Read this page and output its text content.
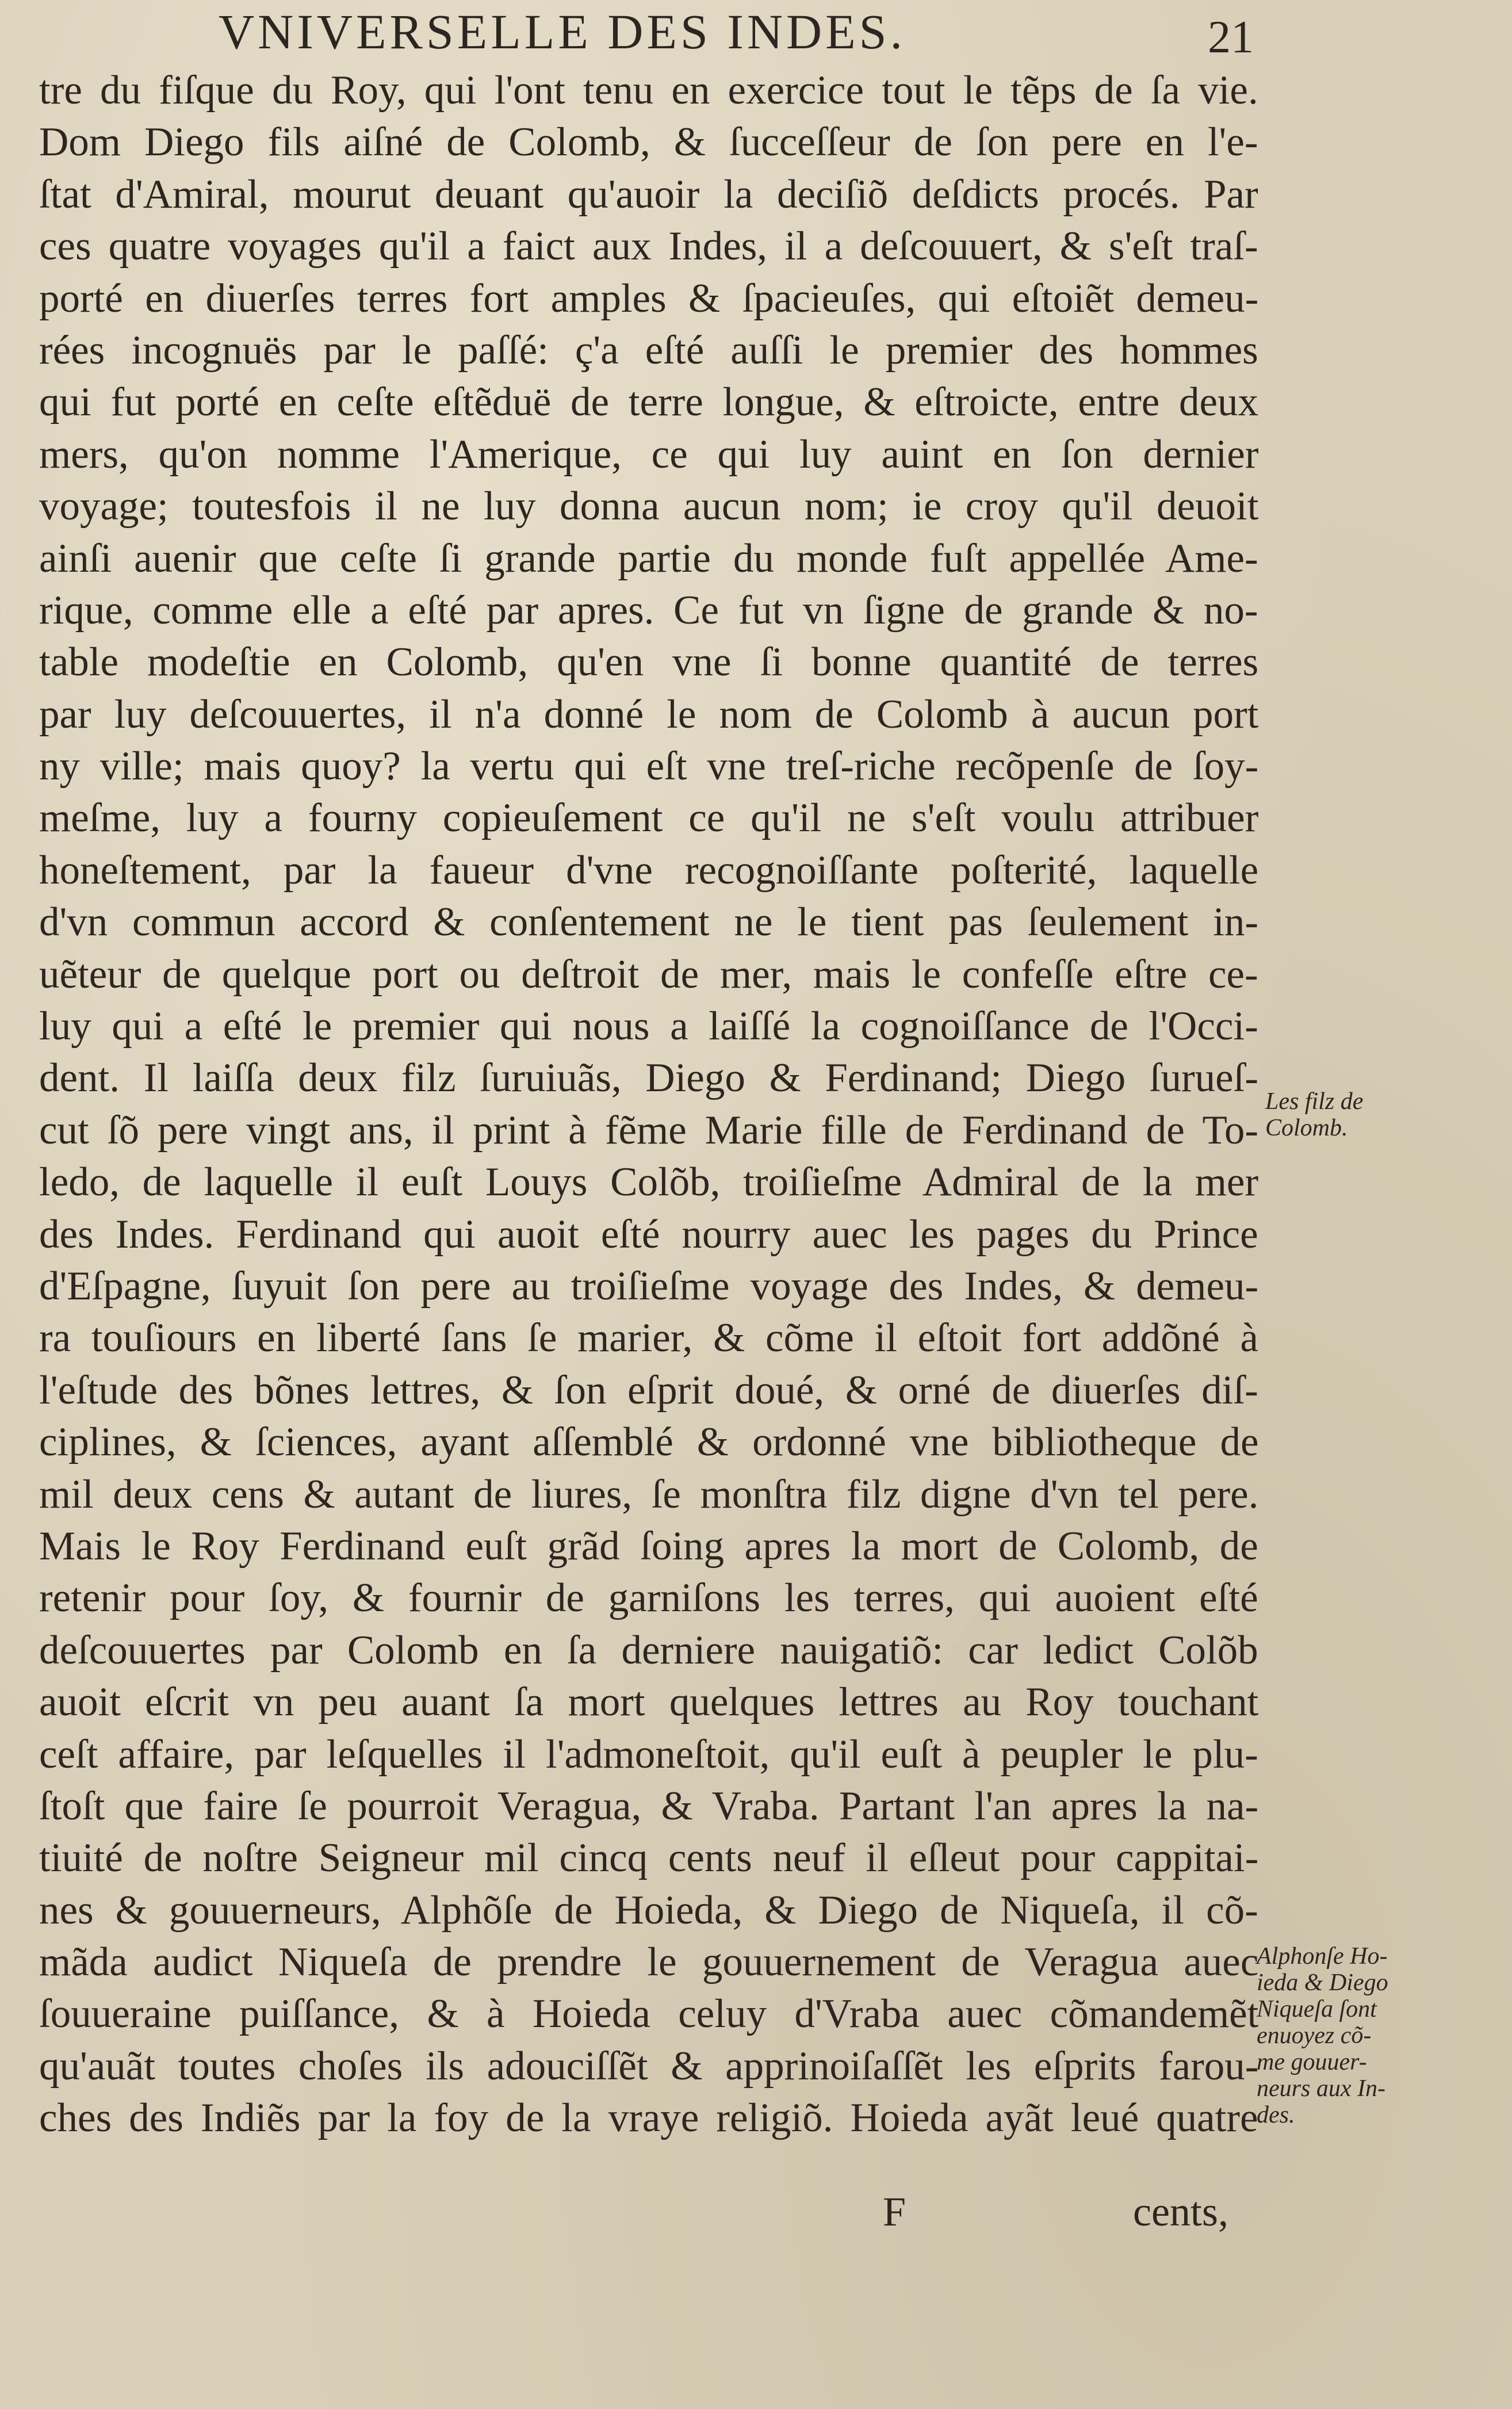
VNIVERSELLE DES INDES.	21
tre du fiſque du Roy, qui l'ont tenu en exercice tout le tẽps de ſa vie.
Dom Diego fils aiſné de Colomb, & ſucceſſeur de ſon pere en l'e-
ſtat d'Amiral, mourut deuant qu'auoir la deciſiõ deſdicts procés. Par
ces quatre voyages qu'il a faict aux Indes, il a deſcouuert, & s'eſt traſ-
porté en diuerſes terres fort amples & ſpacieuſes, qui eſtoiẽt demeu-
rées incognuës par le paſſé: ç'a eſté auſſi le premier des hommes
qui fut porté en ceſte eſtẽduë de terre longue, & eſtroicte, entre deux
mers, qu'on nomme l'Amerique, ce qui luy auint en ſon dernier
voyage; toutesfois il ne luy donna aucun nom; ie croy qu'il deuoit
ainſi auenir que ceſte ſi grande partie du monde fuſt appellée Ame-
rique, comme elle a eſté par apres. Ce fut vn ſigne de grande & no-
table modeſtie en Colomb, qu'en vne ſi bonne quantité de terres
par luy deſcouuertes, il n'a donné le nom de Colomb à aucun port
ny ville; mais quoy? la vertu qui eſt vne treſ-riche recõpenſe de ſoy-
meſme, luy a fourny copieuſement ce qu'il ne s'eſt voulu attribuer
honeſtement, par la faueur d'vne recognoiſſante poſterité, laquelle
d'vn commun accord & conſentement ne le tient pas ſeulement in-
uẽteur de quelque port ou deſtroit de mer, mais le confeſſe eſtre ce-
luy qui a eſté le premier qui nous a laiſſé la cognoiſſance de l'Occi-
dent. Il laiſſa deux filz ſuruiuãs, Diego & Ferdinand; Diego ſurueſ-
cut ſõ pere vingt ans, il print à fẽme Marie fille de Ferdinand de To-
ledo, de laquelle il euſt Louys Colõb, troiſieſme Admiral de la mer
des Indes. Ferdinand qui auoit eſté nourry auec les pages du Prince
d'Eſpagne, ſuyuit ſon pere au troiſieſme voyage des Indes, & demeu-
ra touſiours en liberté ſans ſe marier, & cõme il eſtoit fort addõné à
l'eſtude des bõnes lettres, & ſon eſprit doué, & orné de diuerſes diſ-
ciplines, & ſciences, ayant aſſemblé & ordonné vne bibliotheque de
mil deux cens & autant de liures, ſe monſtra filz digne d'vn tel pere.
Mais le Roy Ferdinand euſt grãd ſoing apres la mort de Colomb, de
retenir pour ſoy, & fournir de garniſons les terres, qui auoient eſté
deſcouuertes par Colomb en ſa derniere nauigatiõ: car ledict Colõb
auoit eſcrit vn peu auant ſa mort quelques lettres au Roy touchant
ceſt affaire, par leſquelles il l'admoneſtoit, qu'il euſt à peupler le plu-
ſtoſt que faire ſe pourroit Veragua, & Vraba. Partant l'an apres la na-
tiuité de noſtre Seigneur mil cincq cents neuf il eſleut pour cappitai-
nes & gouuerneurs, Alphõſe de Hoieda, & Diego de Niqueſa, il cõ-
mãda audict Niqueſa de prendre le gouuernement de Veragua auec
ſouueraine puiſſance, & à Hoieda celuy d'Vraba auec cõmandemẽt
qu'auãt toutes choſes ils adouciſſẽt & apprinoiſaſſẽt les eſprits farou-
ches des Indiẽs par la foy de la vraye religiõ. Hoieda ayãt leué quatre
Les filz de
Colomb.
Alphonſe Ho-
ieda & Diego
Niqueſa ſont
enuoyez cõ-
me gouuer-
neurs aux In-
des.
F	cents,
